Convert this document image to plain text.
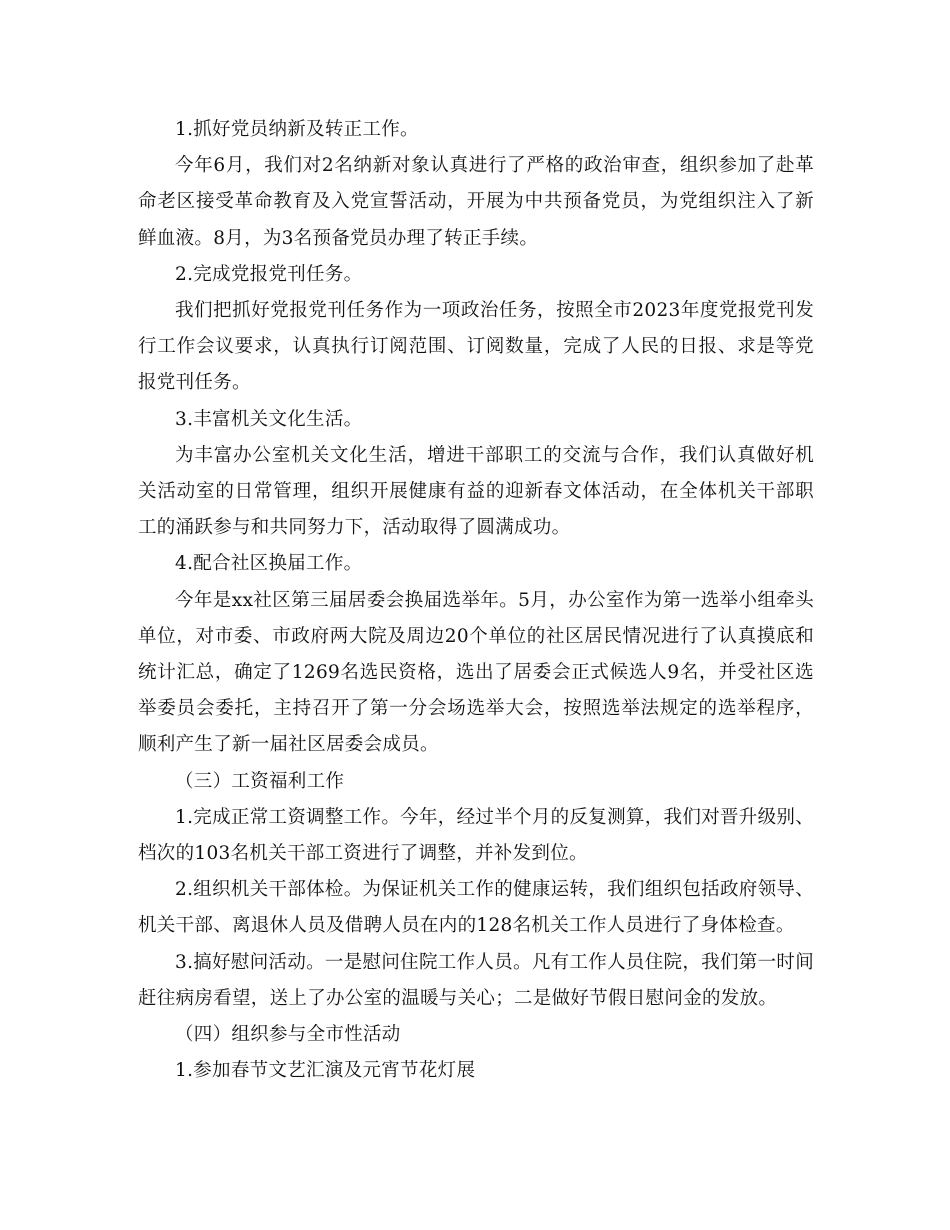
1.抓好党员纳新及转正工作。

今年6月，我们对2名纳新对象认真进行了严格的政治审查，组织参加了赴革命老区接受革命教育及入党宣誓活动，开展为中共预备党员，为党组织注入了新鲜血液。8月，为3名预备党员办理了转正手续。

2.完成党报党刊任务。

我们把抓好党报党刊任务作为一项政治任务，按照全市2023年度党报党刊发行工作会议要求，认真执行订阅范围、订阅数量，完成了人民的日报、求是等党报党刊任务。

3.丰富机关文化生活。

为丰富办公室机关文化生活，增进干部职工的交流与合作，我们认真做好机关活动室的日常管理，组织开展健康有益的迎新春文体活动，在全体机关干部职工的涌跃参与和共同努力下，活动取得了圆满成功。

4.配合社区换届工作。

今年是xx社区第三届居委会换届选举年。5月，办公室作为第一选举小组牵头单位，对市委、市政府两大院及周边20个单位的社区居民情况进行了认真摸底和统计汇总，确定了1269名选民资格，选出了居委会正式候选人9名，并受社区选举委员会委托，主持召开了第一分会场选举大会，按照选举法规定的选举程序，顺利产生了新一届社区居委会成员。

（三）工资福利工作

1.完成正常工资调整工作。今年，经过半个月的反复测算，我们对晋升级别、档次的103名机关干部工资进行了调整，并补发到位。

2.组织机关干部体检。为保证机关工作的健康运转，我们组织包括政府领导、机关干部、离退休人员及借聘人员在内的128名机关工作人员进行了身体检查。

3.搞好慰问活动。一是慰问住院工作人员。凡有工作人员住院，我们第一时间赶往病房看望，送上了办公室的温暖与关心；二是做好节假日慰问金的发放。

（四）组织参与全市性活动

1.参加春节文艺汇演及元宵节花灯展
